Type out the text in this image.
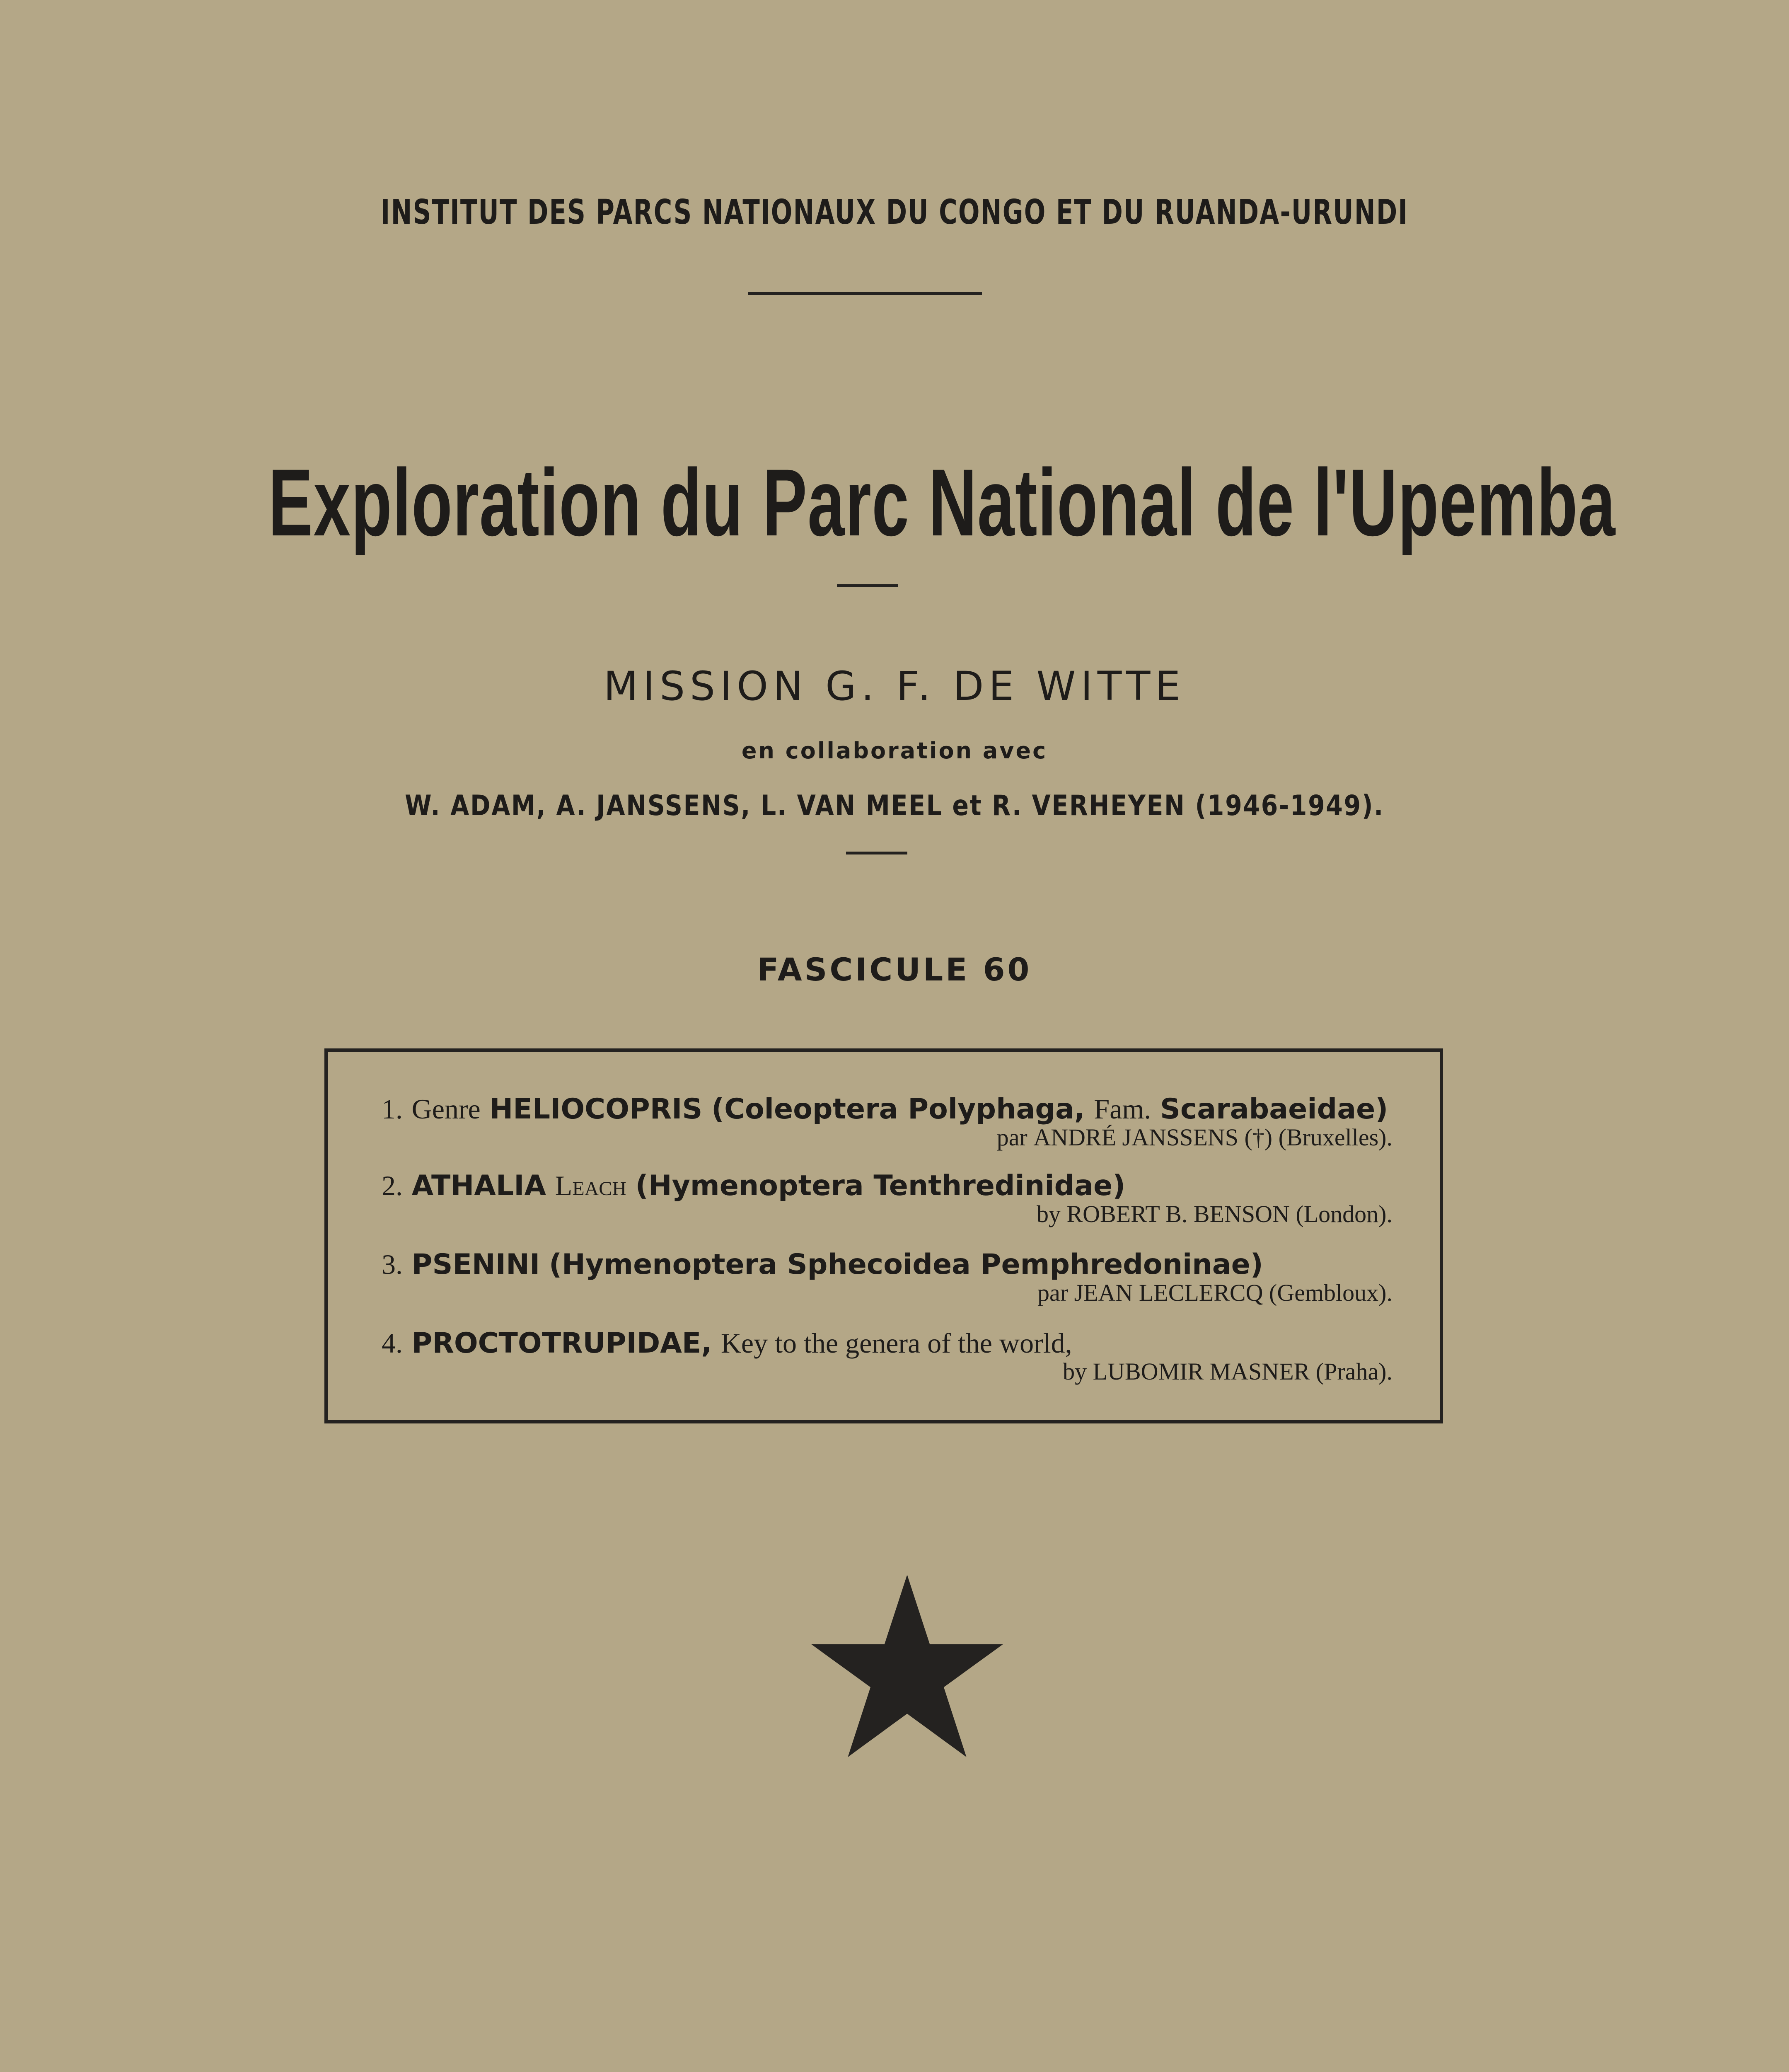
INSTITUT DES PARCS NATIONAUX DU CONGO ET DU RUANDA-URUNDI
Exploration du Parc National de l'Upemba
MISSION G. F. DE WITTE
en collaboration avec
W. ADAM, A. JANSSENS, L. VAN MEEL et R. VERHEYEN (1946-1949).
FASCICULE 60
1. Genre HELIOCOPRIS (Coleoptera Polyphaga, Fam. Scarabaeidae)
par ANDRÉ JANSSENS (†) (Bruxelles).
2. ATHALIA Leach (Hymenoptera Tenthredinidae)
by ROBERT B. BENSON (London).
3. PSENINI (Hymenoptera Sphecoidea Pemphredoninae)
par JEAN LECLERCQ (Gembloux).
4. PROCTOTRUPIDAE, Key to the genera of the world,
by LUBOMIR MASNER (Praha).
